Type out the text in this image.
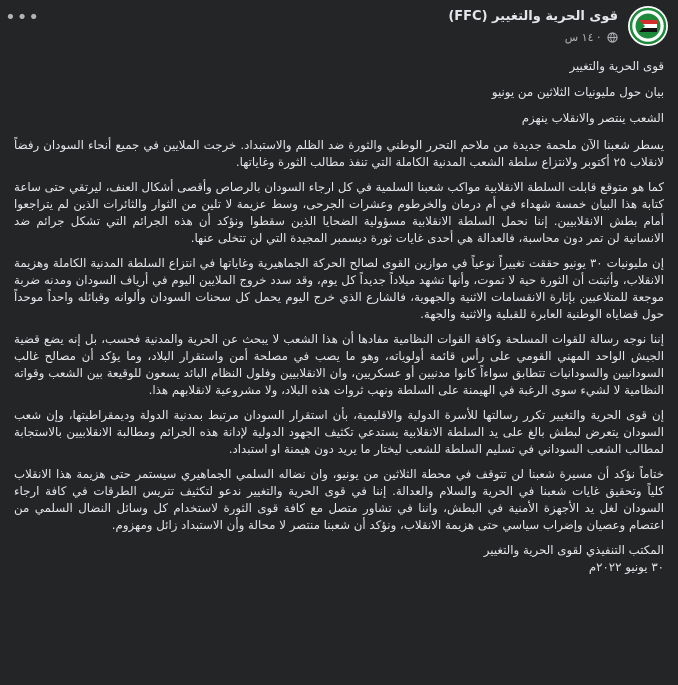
قوى الحرية والتغيير (FFC)
· ١٤ س
•••

قوى الحرية والتغيير
بيان حول مليونيات الثلاثين من يونيو
الشعب ينتصر والانقلاب ينهزم

يسطر شعبنا الآن ملحمة جديدة من ملاحم التحرر الوطني والثورة ضد الظلم والاستبداد. خرجت الملايين في جميع أنحاء السودان رفضاً لانقلاب ٢٥ أكتوبر ولانتزاع سلطة الشعب المدنية الكاملة التي تنفذ مطالب الثورة وغاياتها.

كما هو متوقع قابلت السلطة الانقلابية مواكب شعبنا السلمية في كل ارجاء السودان بالرصاص وأقصى أشكال العنف، ليرتقي حتى ساعة كتابة هذا البيان خمسة شهداء في أم درمان والخرطوم وعشرات الجرحى، وسط عزيمة لا تلين من الثوار والثائرات الذين لم يتراجعوا أمام بطش الانقلابيين. إننا نحمل السلطة الانقلابية مسؤولية الضحايا الذين سقطوا ونؤكد أن هذه الجرائم التي تشكل جرائم ضد الانسانية لن تمر دون محاسبة، فالعدالة هي أحدى غايات ثورة ديسمبر المجيدة التي لن تتخلى عنها.

إن مليونيات ٣٠ يونيو حققت تغييراً نوعياً في موازين القوى لصالح الحركة الجماهيرية وغاياتها في انتزاع السلطة المدنية الكاملة وهزيمة الانقلاب، وأثبتت أن الثورة حية لا تموت، وأنها تشهد ميلاداً جديداً كل يوم، وقد سدد خروج الملايين اليوم في أرياف السودان ومدنه ضربة موجعة للمتلاعبين بإثارة الانقسامات الاثنية والجهوية، فالشارع الذي خرج اليوم يحمل كل سحنات السودان وألوانه وقبائله واحداً موحداً حول قضاياه الوطنية العابرة للقبلية والاثنية والجهة.

إننا نوجه رسالة للقوات المسلحة وكافة القوات النظامية مفادها أن هذا الشعب لا يبحث عن الحرية والمدنية فحسب، بل إنه يضع قضية الجيش الواحد المهني القومي على رأس قائمة أولوياته، وهو ما يصب في مصلحة أمن واستقرار البلاد، وما يؤكد أن مصالح غالب السودانيين والسودانيات تتطابق سواءاً كانوا مدنيين أو عسكريين، وان الانقلابيين وفلول النظام البائد يسعون للوقيعة بين الشعب وقواته النظامية لا لشيء سوى الرغبة في الهيمنة على السلطة ونهب ثروات هذه البلاد، ولا مشروعية لانقلابهم هذا.

إن قوى الحرية والتغيير تكرر رسالتها للأسرة الدولية والاقليمية، بأن استقرار السودان مرتبط بمدنية الدولة وديمقراطيتها، وإن شعب السودان يتعرض لبطش بالغ على يد السلطة الانقلابية يستدعي تكثيف الجهود الدولية لإدانة هذه الجرائم ومطالبة الانقلابيين بالاستجابة لمطالب الشعب السوداني في تسليم السلطة للشعب ليختار ما يريد دون هيمنة او استبداد.

ختاماً نؤكد أن مسيرة شعبنا لن تتوقف في محطة الثلاثين من يونيو، وان نضاله السلمي الجماهيري سيستمر حتى هزيمة هذا الانقلاب كلياً وتحقيق غايات شعبنا في الحرية والسلام والعدالة. إننا في قوى الحرية والتغيير ندعو لتكثيف تتريس الطرقات في كافة ارجاء السودان لغل يد الأجهزة الأمنية في البطش، واننا في تشاور متصل مع كافة قوى الثورة لاستخدام كل وسائل النضال السلمي من اعتصام وعصيان وإضراب سياسي حتى هزيمة الانقلاب، ونؤكد أن شعبنا منتصر لا محالة وأن الاستبداد زائل ومهزوم.

المكتب التنفيذي لقوى الحرية والتغيير
٣٠ يونيو ٢٠٢٢م
